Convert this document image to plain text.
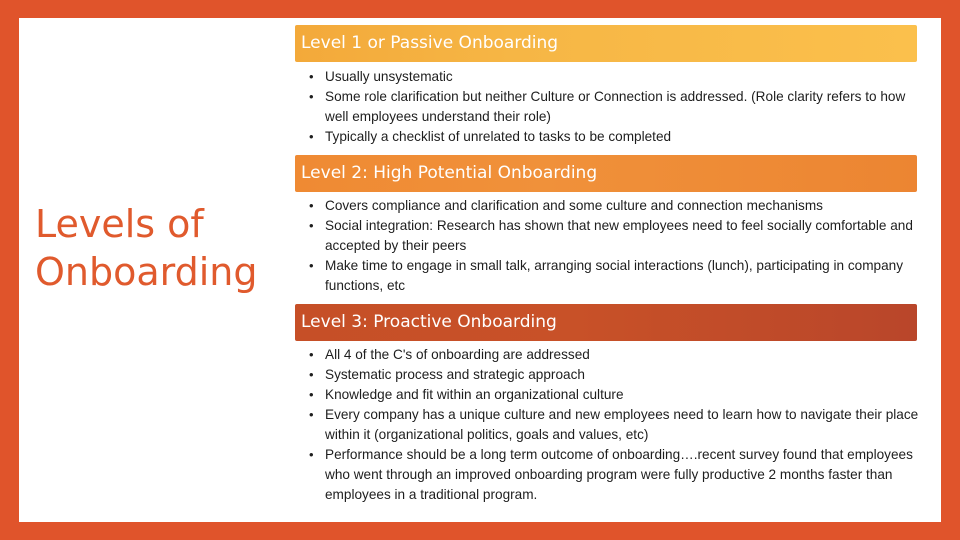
Levels of Onboarding
Level 1 or Passive Onboarding
• Usually unsystematic
• Some role clarification but neither Culture or Connection is addressed. (Role clarity refers to how well employees understand their role)
• Typically a checklist of unrelated to tasks to be completed
Level 2: High Potential Onboarding
• Covers compliance and clarification and some culture and connection mechanisms
• Social integration: Research has shown that new employees need to feel socially comfortable and accepted by their peers
• Make time to engage in small talk, arranging social interactions (lunch), participating in company functions, etc
Level 3: Proactive Onboarding
• All 4 of the C's of onboarding are addressed
• Systematic process and strategic approach
• Knowledge and fit within an organizational culture
• Every company has a unique culture and new employees need to learn how to navigate their place within it (organizational politics, goals and values, etc)
• Performance should be a long term outcome of onboarding….recent survey found that employees who went through an improved onboarding program were fully productive 2 months faster than employees in a traditional program.
